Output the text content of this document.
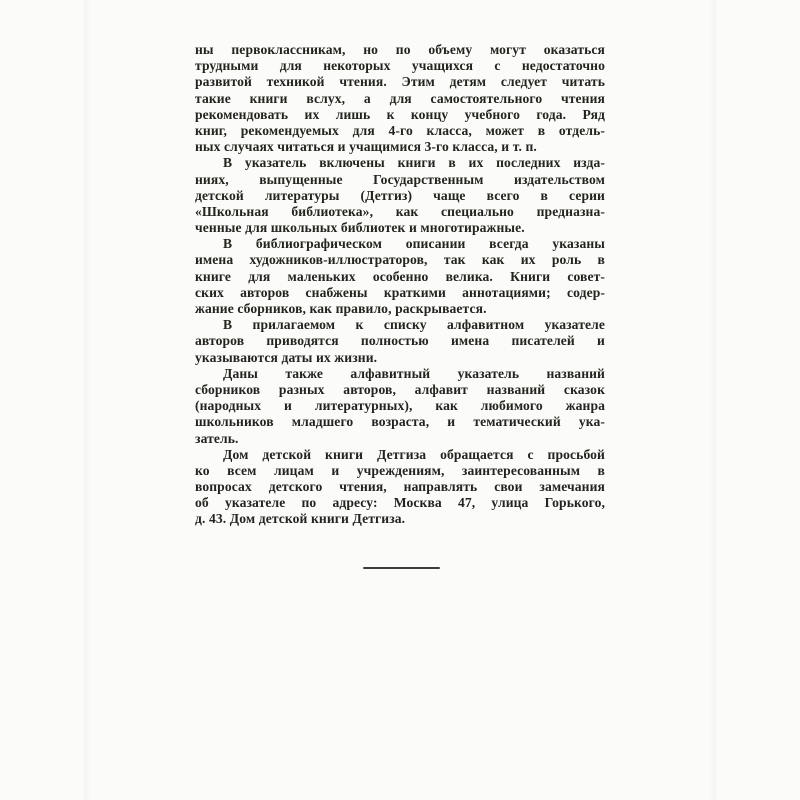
ны первоклассникам, но по объему могут оказаться
трудными для некоторых учащихся с недостаточно
развитой техникой чтения. Этим детям следует читать
такие книги вслух, а для самостоятельного чтения
рекомендовать их лишь к концу учебного года. Ряд
книг, рекомендуемых для 4-го класса, может в отдель-
ных случаях читаться и учащимися 3-го класса, и т. п.

В указатель включены книги в их последних изда-
ниях, выпущенные Государственным издательством
детской литературы (Детгиз) чаще всего в серии
«Школьная библиотека», как специально предназна-
ченные для школьных библиотек и многотиражные.

В библиографическом описании всегда указаны
имена художников-иллюстраторов, так как их роль в
книге для маленьких особенно велика. Книги совет-
ских авторов снабжены краткими аннотациями; содер-
жание сборников, как правило, раскрывается.

В прилагаемом к списку алфавитном указателе
авторов приводятся полностью имена писателей и
указываются даты их жизни.

Даны также алфавитный указатель названий
сборников разных авторов, алфавит названий сказок
(народных и литературных), как любимого жанра
школьников младшего возраста, и тематический ука-
затель.

Дом детской книги Детгиза обращается с просьбой
ко всем лицам и учреждениям, заинтересованным в
вопросах детского чтения, направлять свои замечания
об указателе по адресу: Москва 47, улица Горького,
д. 43. Дом детской книги Детгиза.
